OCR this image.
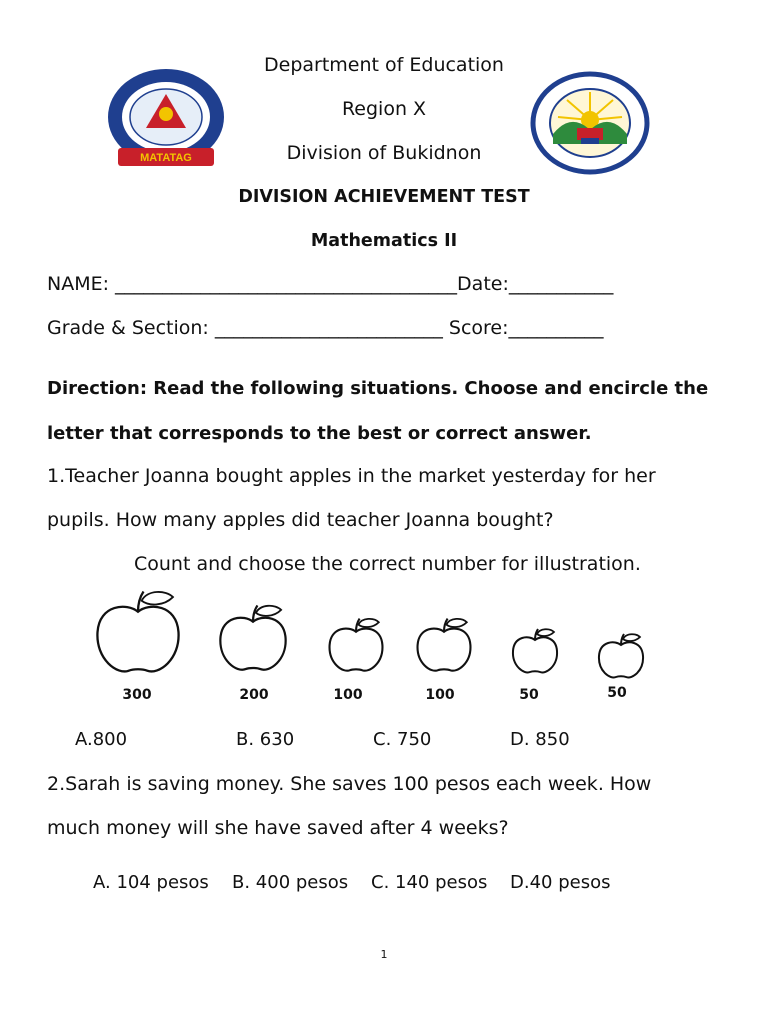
MATATAG
Department of Education
Region X
Division of Bukidnon
DIVISION ACHIEVEMENT TEST
Mathematics II
NAME: ____________________________________Date:___________
Grade & Section: ________________________ Score:__________
Direction: Read the following situations. Choose and encircle the
letter that corresponds to the best or correct answer.
1.Teacher Joanna bought apples in the market yesterday for her
pupils. How many apples did teacher Joanna bought?
Count and choose the correct number for illustration.
300	200	100	100	50	50
A.800	B. 630	C. 750	D. 850
2.Sarah is saving money. She saves 100 pesos each week. How
much money will she have saved after 4 weeks?
A. 104 pesos B. 400 pesos C. 140 pesos D.40 pesos
1
